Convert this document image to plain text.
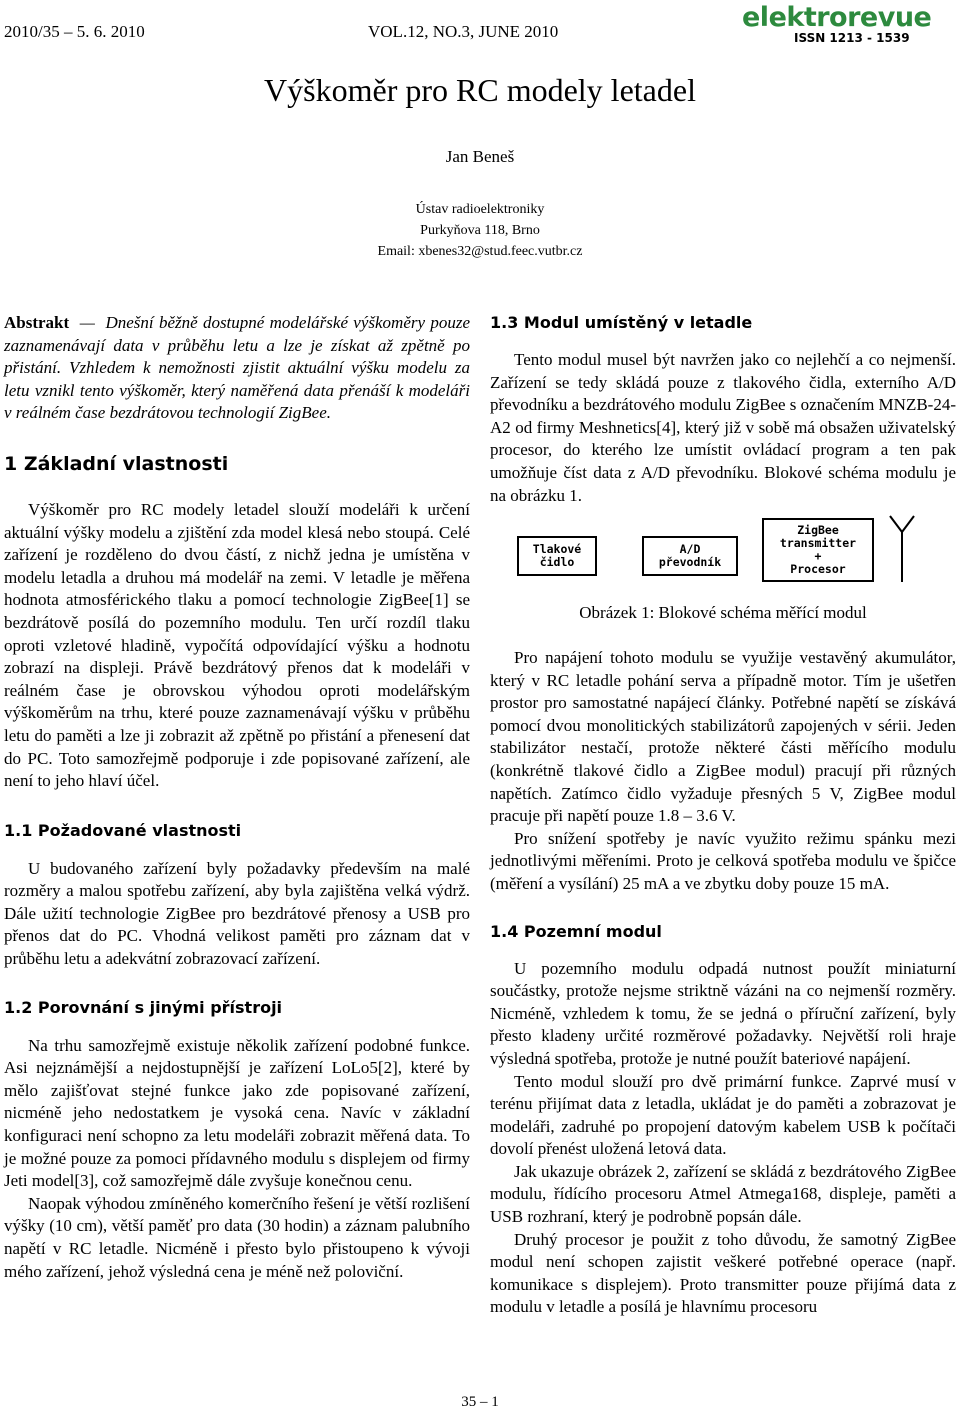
2010/35 – 5. 6. 2010	VOL.12, NO.3, JUNE 2010	elektrorevue
ISSN 1213 - 1539
Výškoměr pro RC modely letadel
Jan Beneš
Ústav radioelektroniky
Purkyňova 118, Brno
Email: xbenes32@stud.feec.vutbr.cz
Abstrakt  —  Dnešní běžně dostupné modelářské výškoměry pouze zaznamenávají data v průběhu letu a lze je získat až zpětně po přistání. Vzhledem k nemožnosti zjistit aktuální výšku modelu za letu vznikl tento výškoměr, který naměřená data přenáší k modeláři v reálném čase bezdrátovou technologií ZigBee.
1 Základní vlastnosti

Výškoměr pro RC modely letadel slouží modeláři k určení aktuální výšky modelu a zjištění zda model klesá nebo stoupá. Celé zařízení je rozděleno do dvou částí, z nichž jedna je umístěna v modelu letadla a druhou má modelář na zemi. V letadle je měřena hodnota atmosférického tlaku a pomocí technologie ZigBee[1] se bezdrátově posílá do pozemního modulu. Ten určí rozdíl tlaku oproti vzletové hladině, vypočítá odpovídající výšku a hodnotu zobrazí na displeji. Právě bezdrátový přenos dat k modeláři v reálném čase je obrovskou výhodou oproti modelářským výškoměrům na trhu, které pouze zaznamenávají výšku v průběhu letu do paměti a lze ji zobrazit až zpětně po přistání a přenesení dat do PC. Toto samozřejmě podporuje i zde popisované zařízení, ale není to jeho hlaví účel.

1.1 Požadované vlastnosti

U budovaného zařízení byly požadavky především na malé rozměry a malou spotřebu zařízení, aby byla zajištěna velká výdrž. Dále užití technologie ZigBee pro bezdrátové přenosy a USB pro přenos dat do PC. Vhodná velikost paměti pro záznam dat v průběhu letu a adekvátní zobrazovací zařízení.

1.2 Porovnání s jinými přístroji

Na trhu samozřejmě existuje několik zařízení podobné funkce. Asi nejznámější a nejdostupnější je zařízení LoLo5[2], které by mělo zajišťovat stejné funkce jako zde popisované zařízení, nicméně jeho nedostatkem je vysoká cena. Navíc v základní konfiguraci není schopno za letu modeláři zobrazit měřená data. To je možné pouze za pomoci přídavného modulu s displejem od firmy Jeti model[3], což samozřejmě dále zvyšuje konečnou cenu.

Naopak výhodou zmíněného komerčního řešení je větší rozlišení výšky (10 cm), větší paměť pro data (30 hodin) a záznam palubního napětí v RC letadle. Nicméně i přesto bylo přistoupeno k vývoji mého zařízení, jehož výsledná cena je méně než poloviční.

1.3 Modul umístěný v letadle

Tento modul musel být navržen jako co nejlehčí a co nejmenší. Zařízení se tedy skládá pouze z tlakového čidla, externího A/D převodníku a bezdrátového modulu ZigBee s označením MNZB-24-A2 od firmy Meshnetics[4], který již v sobě má obsažen uživatelský procesor, do kterého lze umístit ovládací program a ten pak umožňuje číst data z A/D převodníku. Blokové schéma modulu je na obrázku 1.

Tlakové
čidlo
A/D
převodník
ZigBee
transmitter
+
Procesor
Obrázek 1: Blokové schéma měřící modul

Pro napájení tohoto modulu se využije vestavěný akumulátor, který v RC letadle pohání serva a případně motor. Tím je ušetřen prostor pro samostatné napájecí články. Potřebné napětí se získává pomocí dvou monolitických stabilizátorů zapojených v sérii. Jeden stabilizátor nestačí, protože některé části měřícího modulu (konkrétně tlakové čidlo a ZigBee modul) pracují při různých napětích. Zatímco čidlo vyžaduje přesných 5 V, ZigBee modul pracuje při napětí pouze 1.8 – 3.6 V.

Pro snížení spotřeby je navíc využito režimu spánku mezi jednotlivými měřeními. Proto je celková spotřeba modulu ve špičce (měření a vysílání) 25 mA a ve zbytku doby pouze 15 mA.

1.4 Pozemní modul

U pozemního modulu odpadá nutnost použít miniaturní součástky, protože nejsme striktně vázáni na co nejmenší rozměry. Nicméně, vzhledem k tomu, že se jedná o příruční zařízení, byly přesto kladeny určité rozměrové požadavky. Největší roli hraje výsledná spotřeba, protože je nutné použít bateriové napájení.

Tento modul slouží pro dvě primární funkce. Zaprvé musí v terénu přijímat data z letadla, ukládat je do paměti a zobrazovat je modeláři, zadruhé po propojení datovým kabelem USB k počítači dovolí přenést uložená letová data.

Jak ukazuje obrázek 2, zařízení se skládá z bezdrátového ZigBee modulu, řídícího procesoru Atmel Atmega168, displeje, paměti a USB rozhraní, který je podrobně popsán dále.

Druhý procesor je použit z toho důvodu, že samotný ZigBee modul není schopen zajistit veškeré potřebné operace (např. komunikace s displejem). Proto transmitter pouze přijímá data z modulu v letadle a posílá je hlavnímu procesoru

35 – 1
